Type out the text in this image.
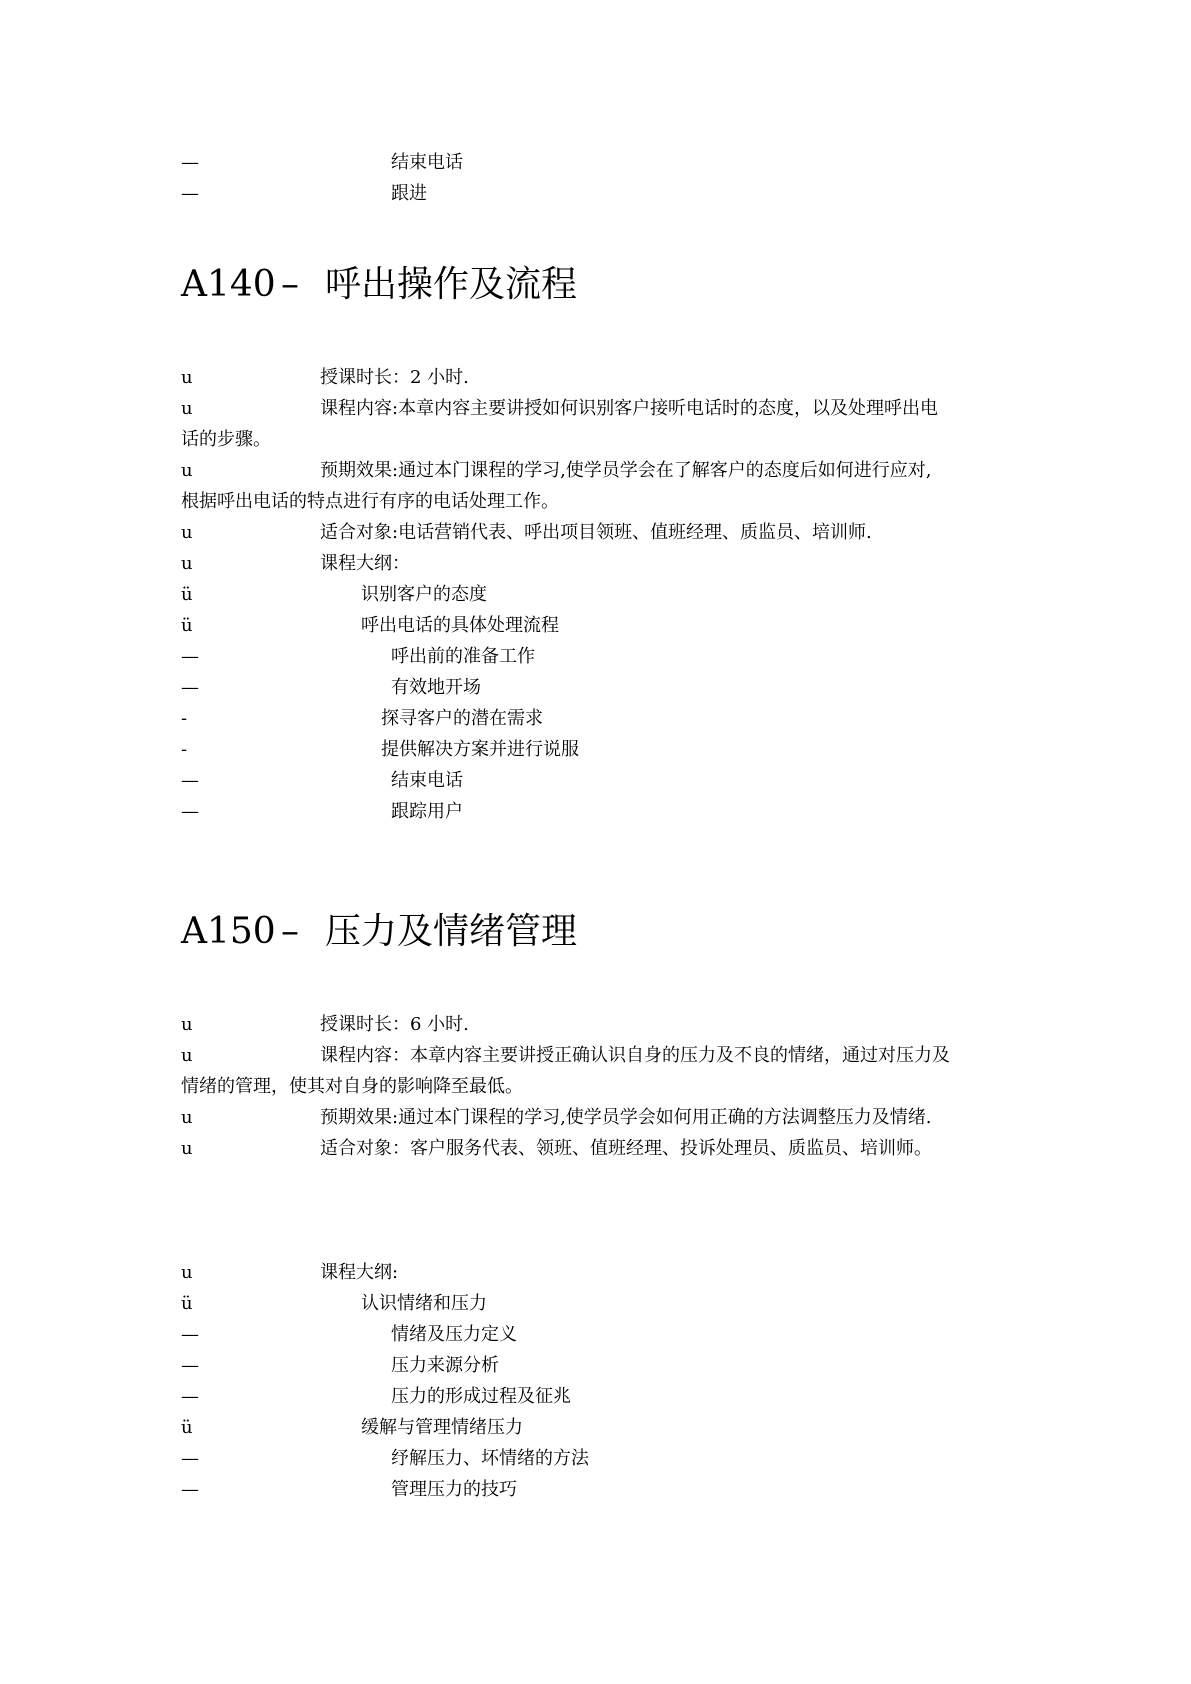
—	结束电话
—	跟进
A140 – 呼出操作及流程
u	授课时长：2 小时.
u	课程内容:本章内容主要讲授如何识别客户接听电话时的态度，以及处理呼出电
话的步骤。
u	预期效果:通过本门课程的学习,使学员学会在了解客户的态度后如何进行应对,
根据呼出电话的特点进行有序的电话处理工作。
u	适合对象:电话营销代表、呼出项目领班、值班经理、质监员、培训师.
u	课程大纲：
ü	识别客户的态度
ü	呼出电话的具体处理流程
—	呼出前的准备工作
—	有效地开场
-	探寻客户的潜在需求
-	提供解决方案并进行说服
—	结束电话
—	跟踪用户
A150 – 压力及情绪管理
u	授课时长：6 小时.
u	课程内容：本章内容主要讲授正确认识自身的压力及不良的情绪，通过对压力及
情绪的管理，使其对自身的影响降至最低。
u	预期效果:通过本门课程的学习,使学员学会如何用正确的方法调整压力及情绪.
u	适合对象：客户服务代表、领班、值班经理、投诉处理员、质监员、培训师。
u	课程大纲:
ü	认识情绪和压力
—	情绪及压力定义
—	压力来源分析
—	压力的形成过程及征兆
ü	缓解与管理情绪压力
—	纾解压力、坏情绪的方法
—	管理压力的技巧
